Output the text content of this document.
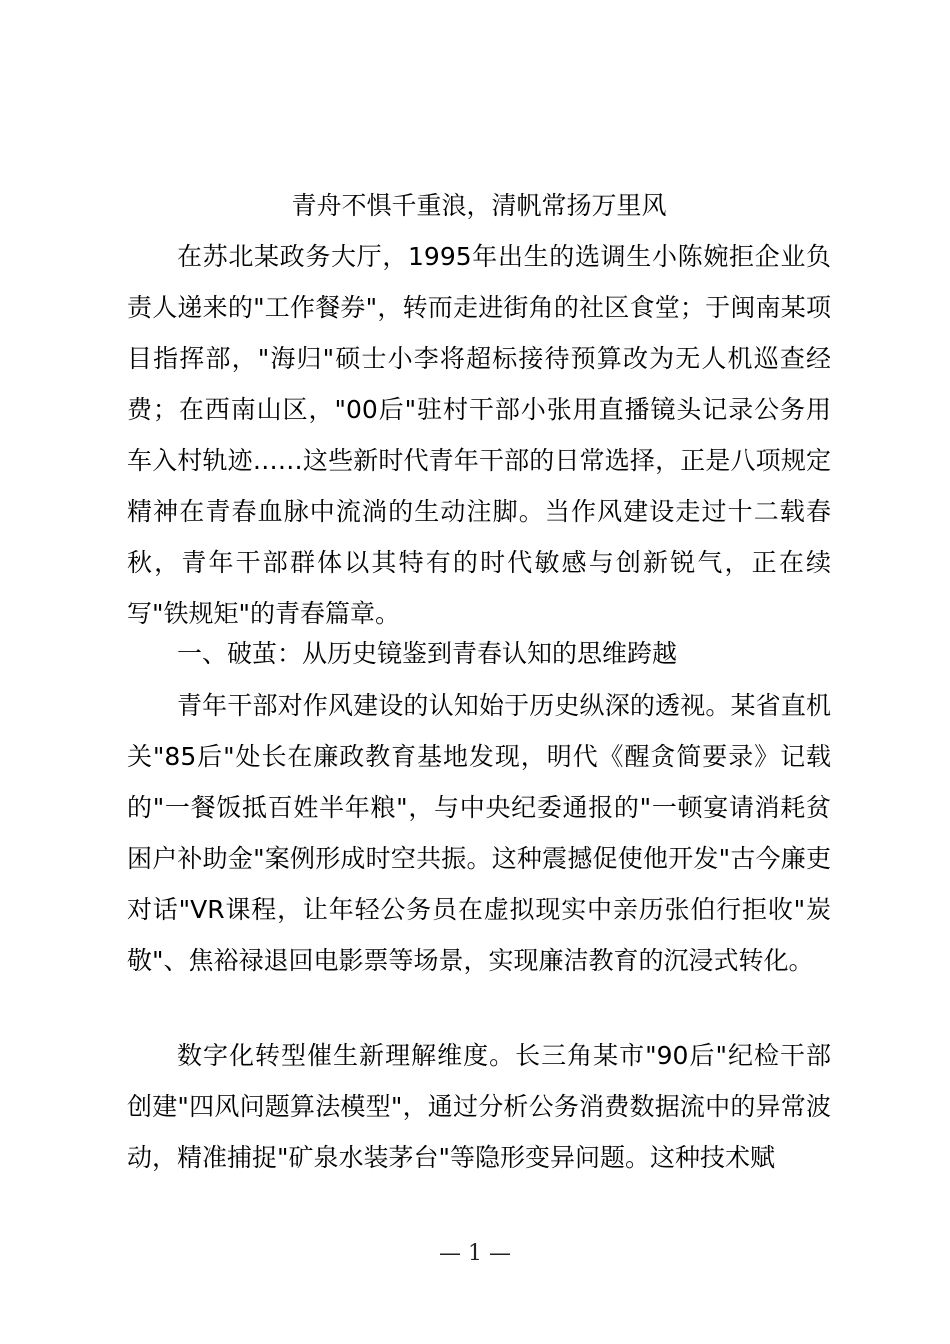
青舟不惧千重浪，清帆常扬万里风

在苏北某政务大厅，1995年出生的选调生小陈婉拒企业负责人递来的"工作餐券"，转而走进街角的社区食堂；于闽南某项目指挥部，"海归"硕士小李将超标接待预算改为无人机巡查经费；在西南山区，"00后"驻村干部小张用直播镜头记录公务用车入村轨迹……这些新时代青年干部的日常选择，正是八项规定精神在青春血脉中流淌的生动注脚。当作风建设走过十二载春秋，青年干部群体以其特有的时代敏感与创新锐气，正在续写"铁规矩"的青春篇章。

一、破茧：从历史镜鉴到青春认知的思维跨越

青年干部对作风建设的认知始于历史纵深的透视。某省直机关"85后"处长在廉政教育基地发现，明代《醒贪简要录》记载的"一餐饭抵百姓半年粮"，与中央纪委通报的"一顿宴请消耗贫困户补助金"案例形成时空共振。这种震撼促使他开发"古今廉吏对话"VR课程，让年轻公务员在虚拟现实中亲历张伯行拒收"炭敬"、焦裕禄退回电影票等场景，实现廉洁教育的沉浸式转化。

数字化转型催生新理解维度。长三角某市"90后"纪检干部创建"四风问题算法模型"，通过分析公务消费数据流中的异常波动，精准捕捉"矿泉水装茅台"等隐形变异问题。这种技术赋

— 1 —
